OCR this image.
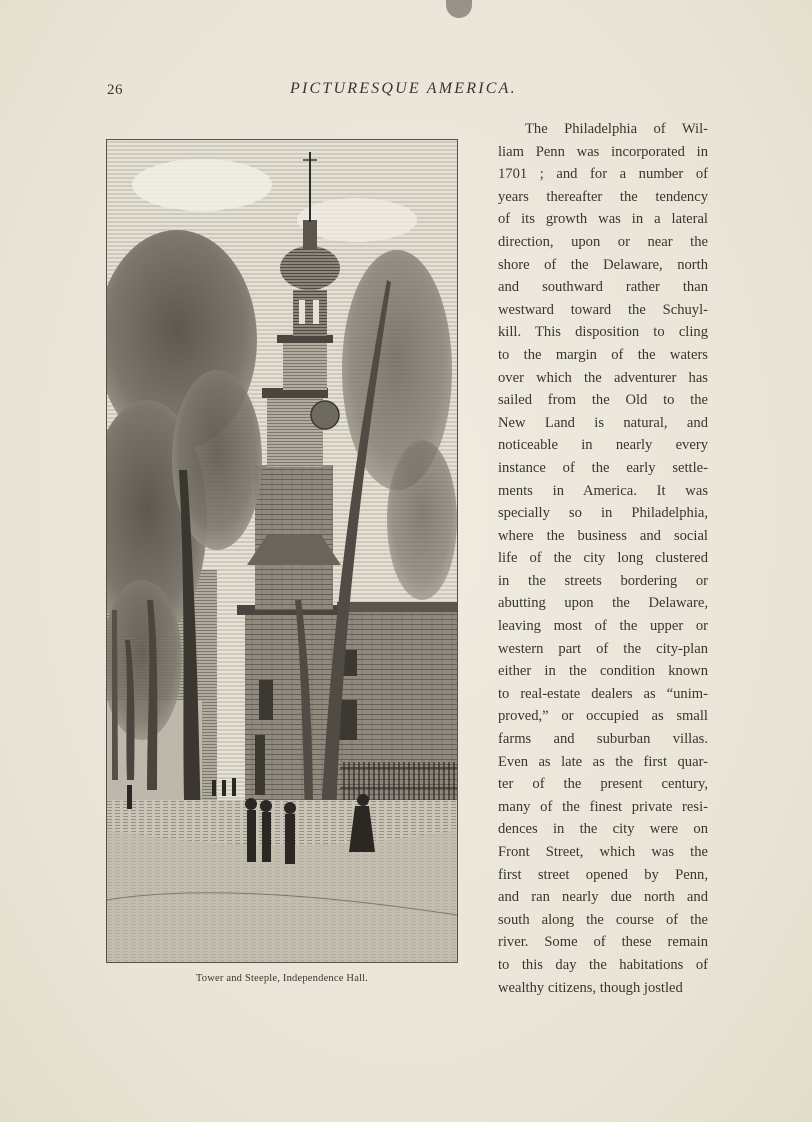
26	PICTURESQUE AMERICA.
Tower and Steeple, Independence Hall.
The Philadelphia of Wil-
liam Penn was incorporated in
1701 ; and for a number of
years thereafter the tendency
of its growth was in a lateral
direction, upon or near the
shore of the Delaware, north
and southward rather than
westward toward the Schuyl-
kill. This disposition to cling
to the margin of the waters
over which the adventurer has
sailed from the Old to the
New Land is natural, and
noticeable in nearly every
instance of the early settle-
ments in America. It was
specially so in Philadelphia,
where the business and social
life of the city long clustered
in the streets bordering or
abutting upon the Delaware,
leaving most of the upper or
western part of the city-plan
either in the condition known
to real-estate dealers as “unim-
proved,” or occupied as small
farms and suburban villas.
Even as late as the first quar-
ter of the present century,
many of the finest private resi-
dences in the city were on
Front Street, which was the
first street opened by Penn,
and ran nearly due north and
south along the course of the
river. Some of these remain
to this day the habitations of
wealthy citizens, though jostled
